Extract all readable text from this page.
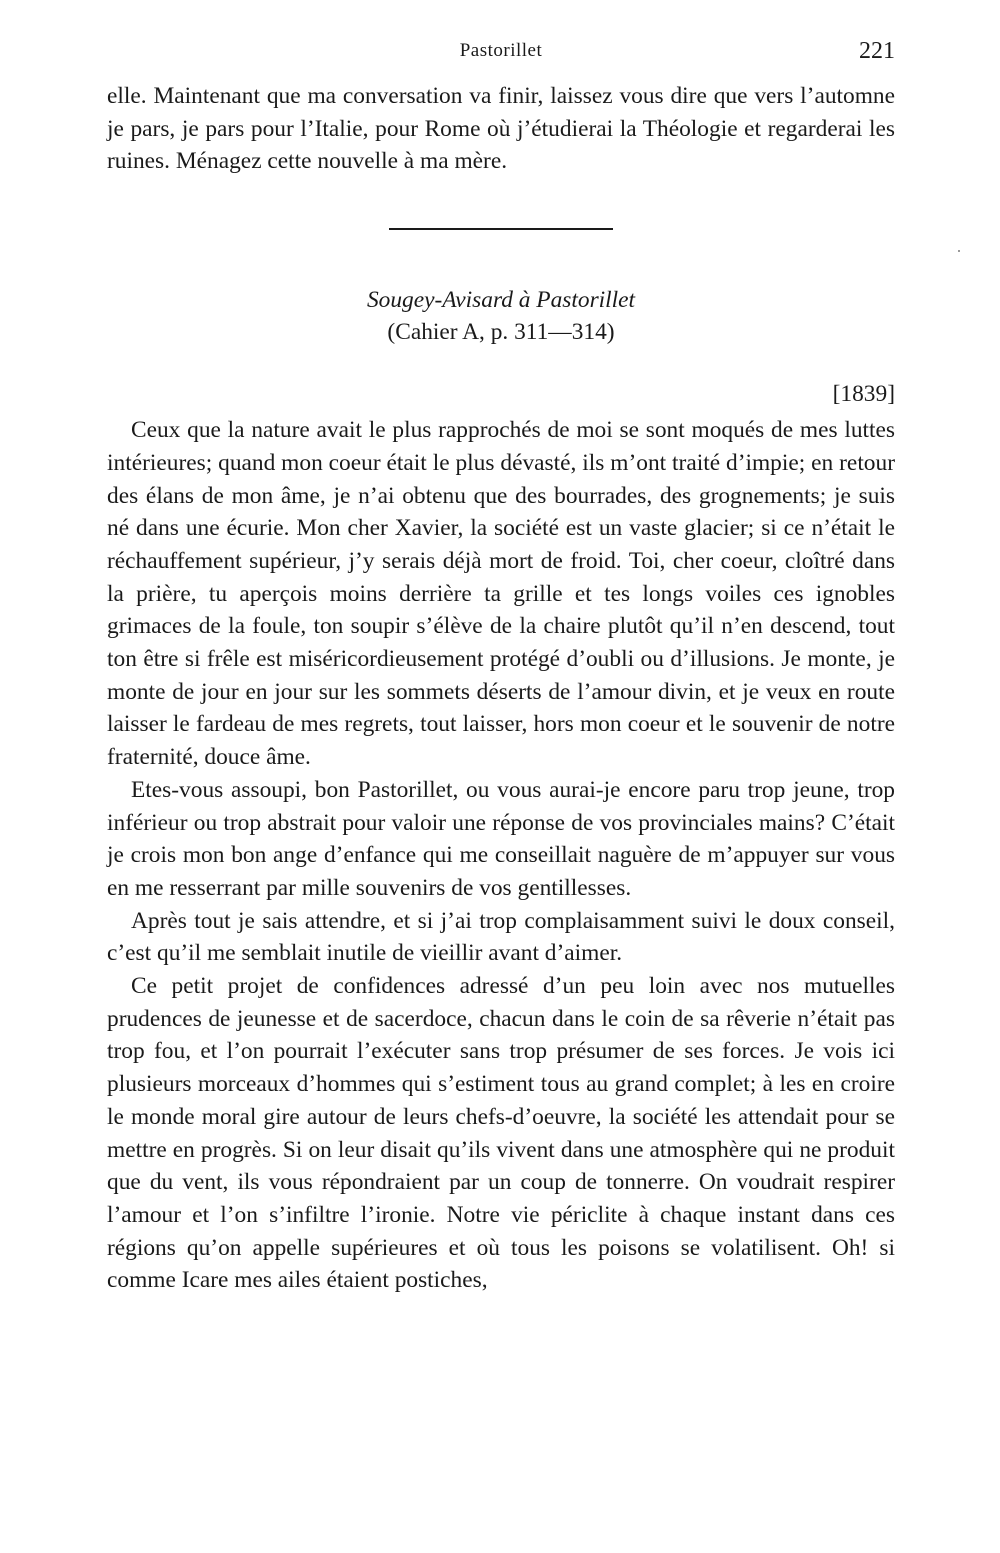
Pastorillet	221

elle. Maintenant que ma conversation va finir, laissez vous dire que vers l’automne je pars, je pars pour l’Italie, pour Rome où j’étudierai la Théologie et regarderai les ruines. Ménagez cette nouvelle à ma mère.

Sougey-Avisard à Pastorillet
(Cahier A, p. 311—314)
[1839]

Ceux que la nature avait le plus rapprochés de moi se sont moqués de mes luttes intérieures; quand mon coeur était le plus dévasté, ils m’ont traité d’impie; en retour des élans de mon âme, je n’ai obtenu que des bourrades, des grognements; je suis né dans une écurie. Mon cher Xavier, la société est un vaste glacier; si ce n’était le réchauffement supérieur, j’y serais déjà mort de froid. Toi, cher coeur, cloîtré dans la prière, tu aperçois moins derrière ta grille et tes longs voiles ces ignobles grimaces de la foule, ton soupir s’élève de la chaire plutôt qu’il n’en descend, tout ton être si frêle est miséricordieusement protégé d’oubli ou d’illusions. Je monte, je monte de jour en jour sur les sommets déserts de l’amour divin, et je veux en route laisser le fardeau de mes regrets, tout laisser, hors mon coeur et le souvenir de notre fraternité, douce âme.

Etes-vous assoupi, bon Pastorillet, ou vous aurai-je encore paru trop jeune, trop inférieur ou trop abstrait pour valoir une réponse de vos provinciales mains? C’était je crois mon bon ange d’enfance qui me conseillait naguère de m’appuyer sur vous en me resserrant par mille souvenirs de vos gentillesses.

Après tout je sais attendre, et si j’ai trop complaisamment suivi le doux conseil, c’est qu’il me semblait inutile de vieillir avant d’aimer.

Ce petit projet de confidences adressé d’un peu loin avec nos mutuelles prudences de jeunesse et de sacerdoce, chacun dans le coin de sa rêverie n’était pas trop fou, et l’on pourrait l’exécuter sans trop présumer de ses forces. Je vois ici plusieurs morceaux d’hommes qui s’estiment tous au grand complet; à les en croire le monde moral gire autour de leurs chefs-d’oeuvre, la société les attendait pour se mettre en progrès. Si on leur disait qu’ils vivent dans une atmosphère qui ne produit que du vent, ils vous répondraient par un coup de tonnerre. On voudrait respirer l’amour et l’on s’infiltre l’ironie. Notre vie périclite à chaque instant dans ces régions qu’on appelle supérieures et où tous les poisons se volatilisent. Oh! si comme Icare mes ailes étaient postiches,
